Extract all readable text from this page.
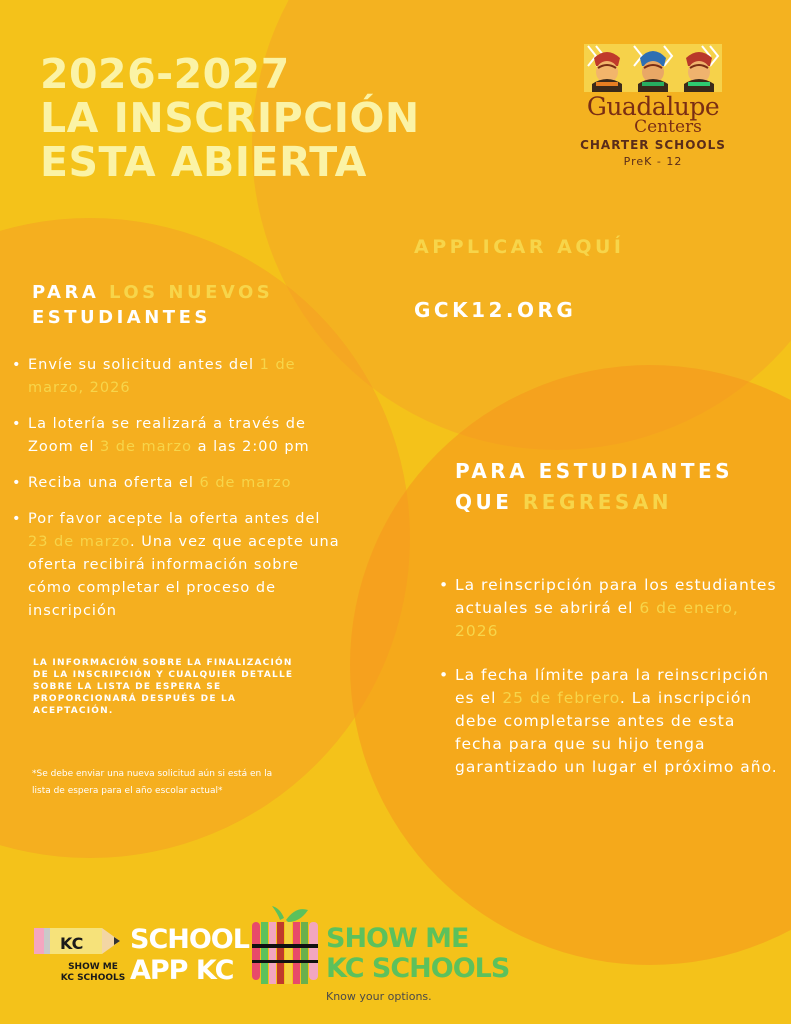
2026-2027
LA INSCRIPCIÓN
ESTA ABIERTA
Guadalupe
Centers
CHARTER SCHOOLS
PreK - 12
APPLICAR AQUÍ
GCK12.ORG
PARA LOS NUEVOS
ESTUDIANTES
• Envíe su solicitud antes del 1 de marzo, 2026
• La lotería se realizará a través de Zoom el 3 de marzo a las 2:00 pm
• Reciba una oferta el 6 de marzo
• Por favor acepte la oferta antes del 23 de marzo. Una vez que acepte una oferta recibirá información sobre cómo completar el proceso de inscripción
LA INFORMACIÓN SOBRE LA FINALIZACIÓN DE LA INSCRIPCIÓN Y CUALQUIER DETALLE SOBRE LA LISTA DE ESPERA SE PROPORCIONARÁ DESPUÉS DE LA ACEPTACIÓN.
*Se debe enviar una nueva solicitud aún si está en la lista de espera para el año escolar actual*
PARA ESTUDIANTES
QUE REGRESAN
• La reinscripción para los estudiantes actuales se abrirá el 6 de enero, 2026
• La fecha límite para la reinscripción es el 25 de febrero. La inscripción debe completarse antes de esta fecha para que su hijo tenga garantizado un lugar el próximo año.
KC
SHOW ME
KC SCHOOLS
SCHOOL
APP KC
SHOW ME
KC SCHOOLS
Know your options.
